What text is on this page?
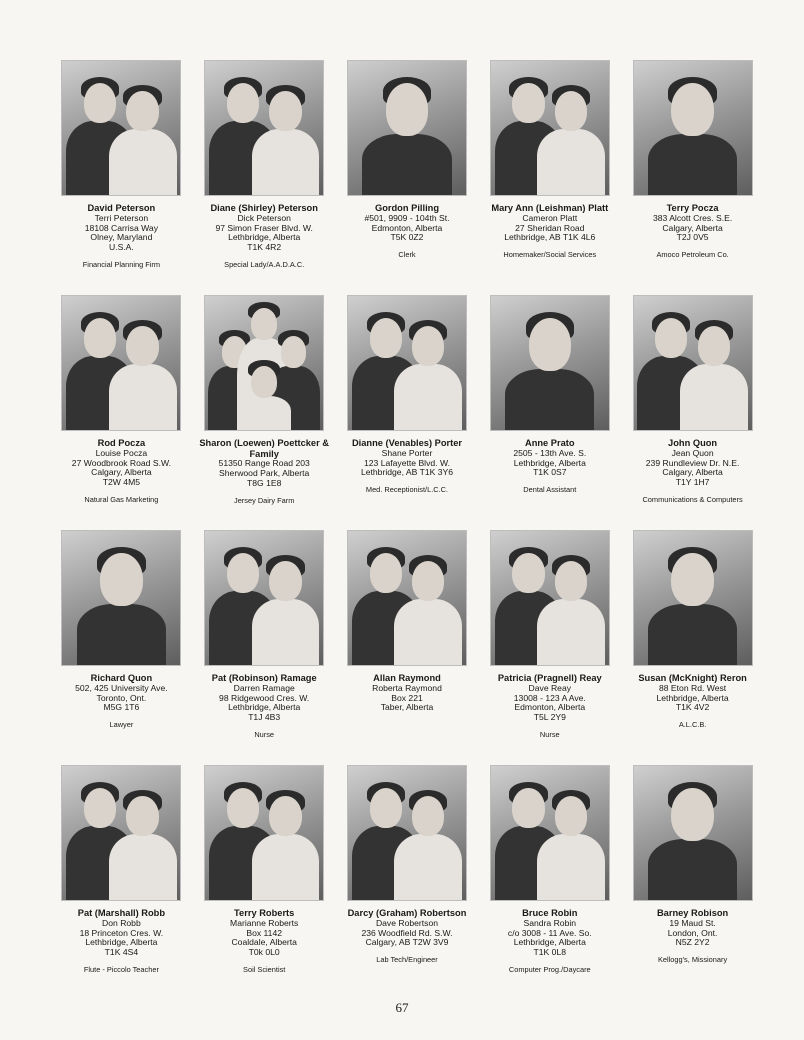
David Peterson
Terri Peterson
18108 Carrisa Way
Olney, Maryland
U.S.A.
Financial Planning Firm
Diane (Shirley) Peterson
Dick Peterson
97 Simon Fraser Blvd. W.
Lethbridge, Alberta
T1K 4R2
Special Lady/A.A.D.A.C.
Gordon Pilling
#501, 9909 - 104th St.
Edmonton, Alberta
T5K 0Z2
Clerk
Mary Ann (Leishman) Platt
Cameron Platt
27 Sheridan Road
Lethbridge, AB T1K 4L6
Homemaker/Social Services
Terry Pocza
383 Alcott Cres. S.E.
Calgary, Alberta
T2J 0V5
Amoco Petroleum Co.
Rod Pocza
Louise Pocza
27 Woodbrook Road S.W.
Calgary, Alberta
T2W 4M5
Natural Gas Marketing
Sharon (Loewen) Poettcker & Family
51350 Range Road 203
Sherwood Park, Alberta
T8G 1E8
Jersey Dairy Farm
Dianne (Venables) Porter
Shane Porter
123 Lafayette Blvd. W.
Lethbridge, AB T1K 3Y6
Med. Receptionist/L.C.C.
Anne Prato
2505 - 13th Ave. S.
Lethbridge, Alberta
T1K 0S7
Dental Assistant
John Quon
Jean Quon
239 Rundleview Dr. N.E.
Calgary, Alberta
T1Y 1H7
Communications & Computers
Richard Quon
502, 425 University Ave.
Toronto, Ont.
M5G 1T6
Lawyer
Pat (Robinson) Ramage
Darren Ramage
98 Ridgewood Cres. W.
Lethbridge, Alberta
T1J 4B3
Nurse
Allan Raymond
Roberta Raymond
Box 221
Taber, Alberta
Patricia (Pragnell) Reay
Dave Reay
13008 - 123 A Ave.
Edmonton, Alberta
T5L 2Y9
Nurse
Susan (McKnight) Reron
88 Eton Rd. West
Lethbridge, Alberta
T1K 4V2
A.L.C.B.
Pat (Marshall) Robb
Don Robb
18 Princeton Cres. W.
Lethbridge, Alberta
T1K 4S4
Flute - Piccolo Teacher
Terry Roberts
Marianne Roberts
Box 1142
Coaldale, Alberta
T0k 0L0
Soil Scientist
Darcy (Graham) Robertson
Dave Robertson
236 Woodfield Rd. S.W.
Calgary, AB T2W 3V9
Lab Tech/Engineer
Bruce Robin
Sandra Robin
c/o 3008 - 11 Ave. So.
Lethbridge, Alberta
T1K 0L8
Computer Prog./Daycare
Barney Robison
19 Maud St.
London, Ont.
N5Z 2Y2
Kellogg's, Missionary
67
